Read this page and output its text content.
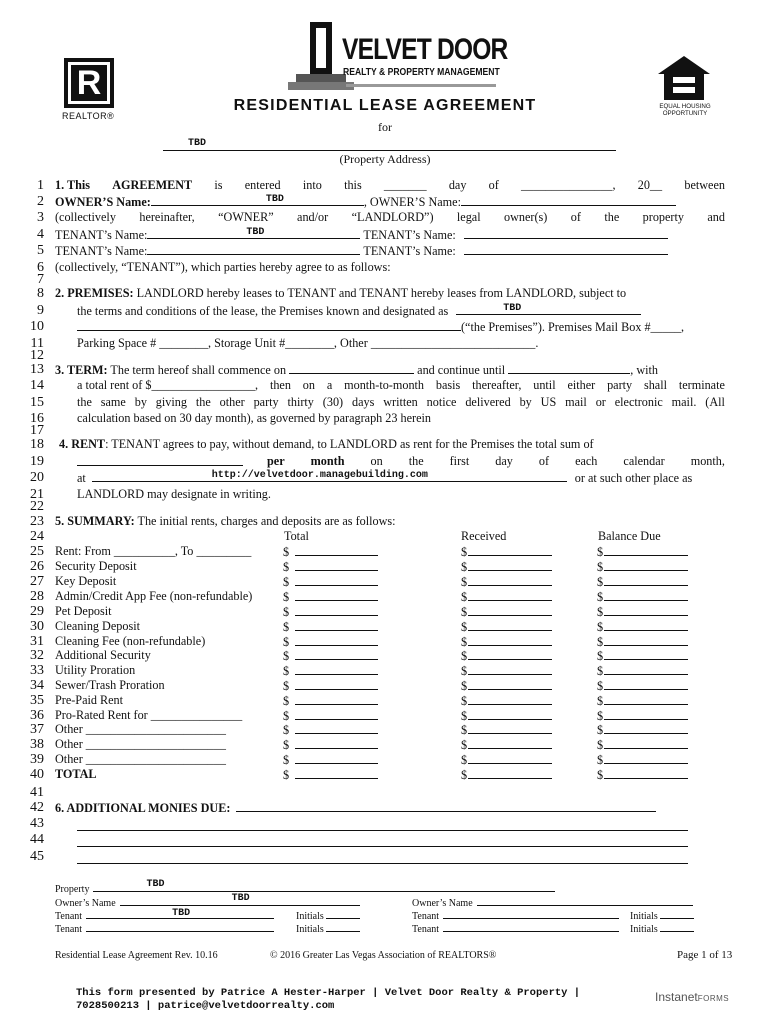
R
REALTOR®
VELVET DOOR
REALTY & PROPERTY MANAGEMENT
EQUAL HOUSING OPPORTUNITY
RESIDENTIAL LEASE AGREEMENT
for
TBD
(Property Address)
1
2
3
4
5
6
7
8
9
10
11
12
13
14
15
16
17
18
19
20
21
22
23
24
25
26
27
28
29
30
31
32
33
34
35
36
37
38
39
40
41
42
43
44
45
1. This AGREEMENT is entered into this _______ day of _______________, 20__ between
OWNER’S Name:	TBD	, OWNER’S Name:
(collectively hereinafter, “OWNER” and/or “LANDLORD”) legal owner(s) of the property and
TENANT’s Name:	TBD	TENANT’s Name:
TENANT’s Name:	TENANT’s Name:
(collectively, “TENANT”), which parties hereby agree to as follows:
2. PREMISES: LANDLORD hereby leases to TENANT and TENANT hereby leases from LANDLORD, subject to
the terms and conditions of the lease, the Premises known and designated as	TBD
(“the Premises”). Premises Mail Box #_____,
Parking Space # ________, Storage Unit #________, Other ___________________________.
3. TERM: The term hereof shall commence on	and continue until	, with
a total rent of $_________________, then on a month-to-month basis thereafter, until either party shall terminate
the same by giving the other party thirty (30) days written notice delivered by US mail or electronic mail. (All
calculation based on 30 day month), as governed by paragraph 23 herein
4. RENT: TENANT agrees to pay, without demand, to LANDLORD as rent for the Premises the total sum of
per month on the first day of each calendar month,
at	http://velvetdoor.managebuilding.com	or at such other place as
LANDLORD may designate in writing.
5. SUMMARY: The initial rents, charges and deposits are as follows:
Total	Received	Balance Due
Rent: From __________, To _________	$	$	$
Security Deposit	$	$	$
Key Deposit	$	$	$
Admin/Credit App Fee (non-refundable)	$	$	$
Pet Deposit	$	$	$
Cleaning Deposit	$	$	$
Cleaning Fee (non-refundable)	$	$	$
Additional Security	$	$	$
Utility Proration	$	$	$
Sewer/Trash Proration	$	$	$
Pre-Paid Rent	$	$	$
Pro-Rated Rent for _______________	$	$	$
Other _______________________	$	$	$
Other _______________________	$	$	$
Other _______________________	$	$	$
TOTAL	$	$	$
6. ADDITIONAL MONIES DUE:
Property	TBD
Owner’s Name	TBD	Owner’s Name
Tenant	TBD	Initials	Tenant	Initials
Tenant	Initials	Tenant	Initials
Residential Lease Agreement Rev. 10.16	© 2016 Greater Las Vegas Association of REALTORS®	Page 1 of 13
This form presented by Patrice A Hester-Harper | Velvet Door Realty & Property |
7028500213 | patrice@velvetdoorrealty.com
InstanetFORMS
